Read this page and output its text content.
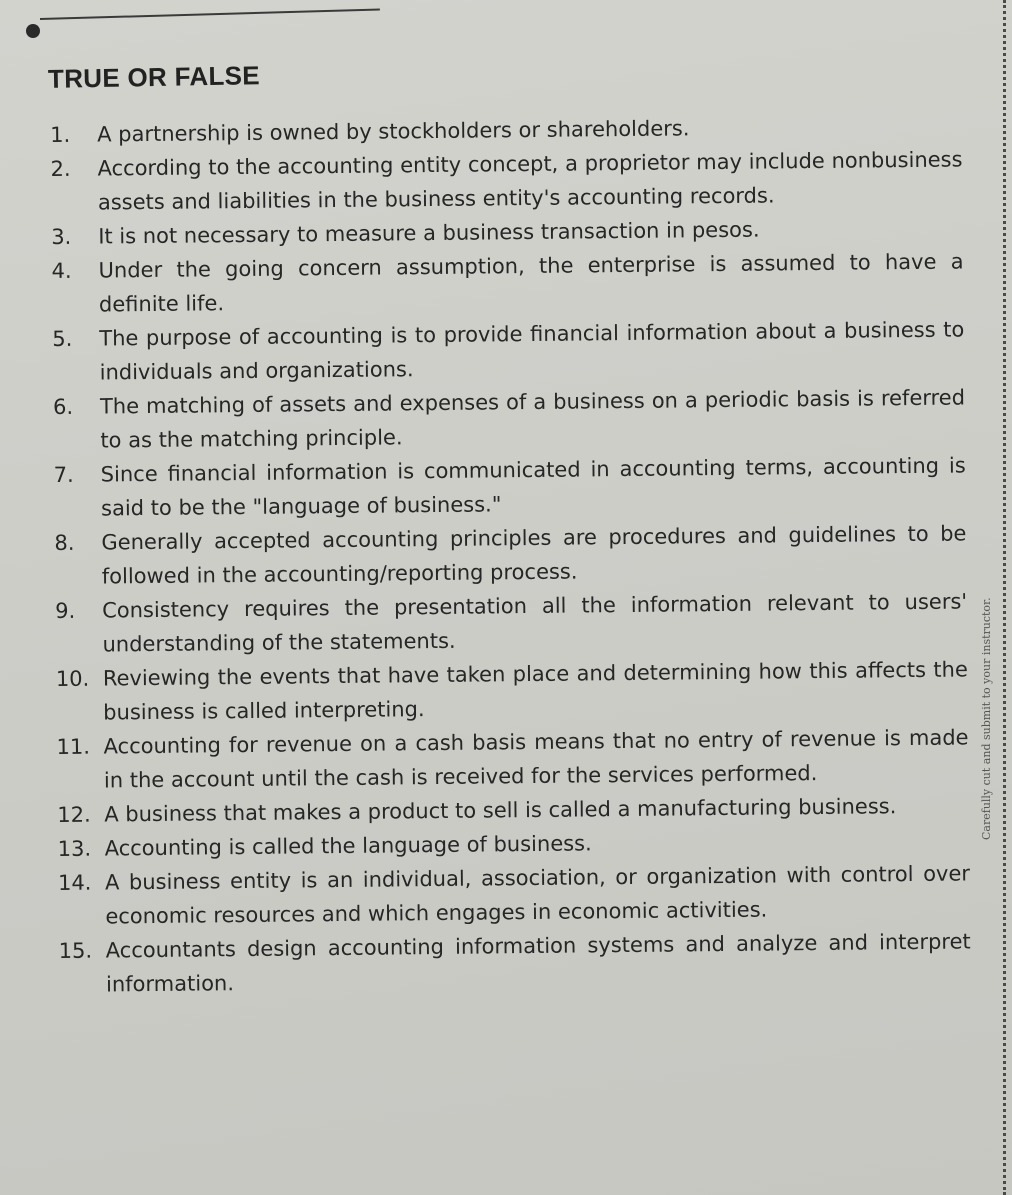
Carefully cut and submit to your instructor.
TRUE OR FALSE
1. A partnership is owned by stockholders or shareholders.
2. According to the accounting entity concept, a proprietor may include nonbusiness assets and liabilities in the business entity's accounting records.
3. It is not necessary to measure a business transaction in pesos.
4. Under the going concern assumption, the enterprise is assumed to have a definite life.
5. The purpose of accounting is to provide financial information about a business to individuals and organizations.
6. The matching of assets and expenses of a business on a periodic basis is referred to as the matching principle.
7. Since financial information is communicated in accounting terms, accounting is said to be the "language of business."
8. Generally accepted accounting principles are procedures and guidelines to be followed in the accounting/reporting process.
9. Consistency requires the presentation all the information relevant to users' understanding of the statements.
10. Reviewing the events that have taken place and determining how this affects the business is called interpreting.
11. Accounting for revenue on a cash basis means that no entry of revenue is made in the account until the cash is received for the services performed.
12. A business that makes a product to sell is called a manufacturing business.
13. Accounting is called the language of business.
14. A business entity is an individual, association, or organization with control over economic resources and which engages in economic activities.
15. Accountants design accounting information systems and analyze and interpret information.
